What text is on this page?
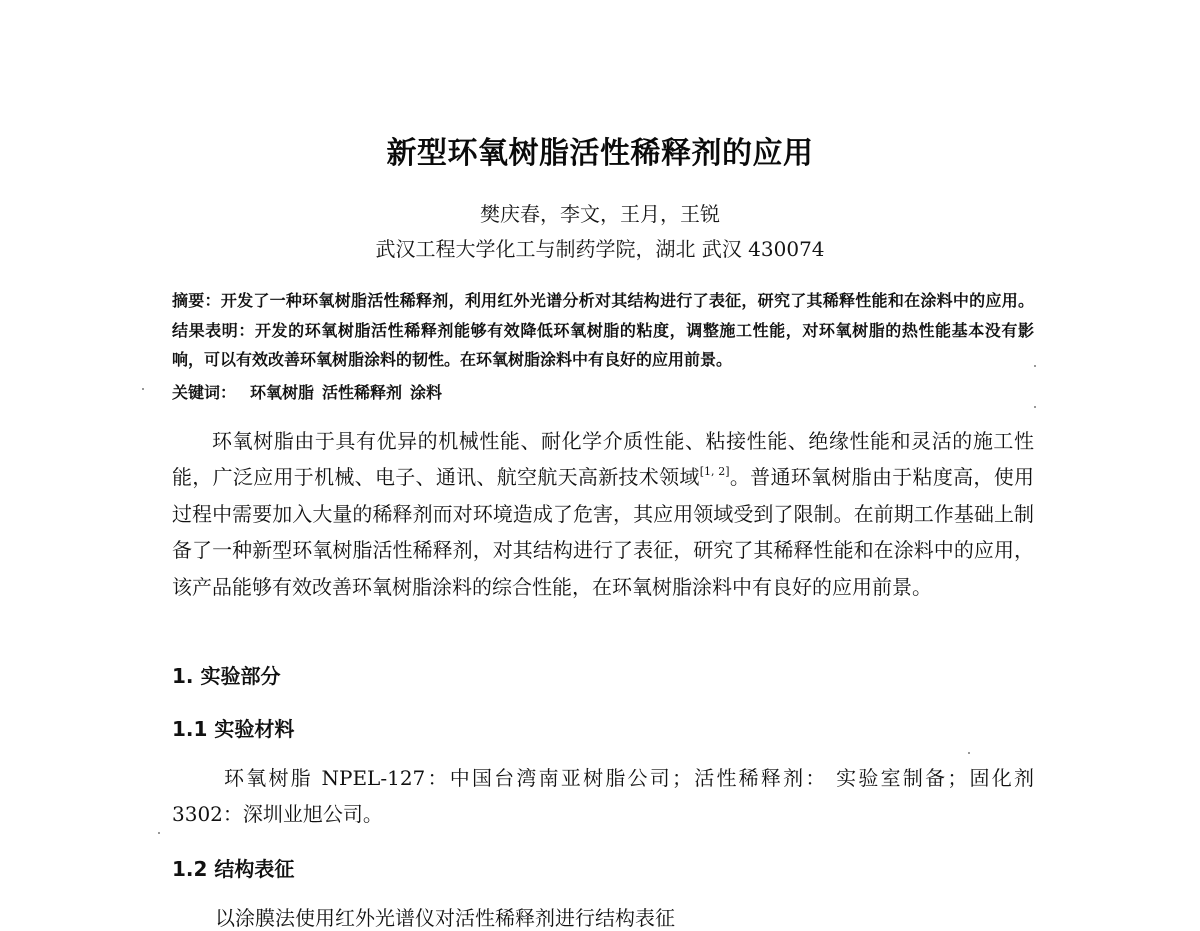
新型环氧树脂活性稀释剂的应用
樊庆春，李文，王月，王锐
武汉工程大学化工与制药学院，湖北 武汉 430074
摘要：开发了一种环氧树脂活性稀释剂，利用红外光谱分析对其结构进行了表征，研究了其稀释性能和在涂料中的应用。结果表明：开发的环氧树脂活性稀释剂能够有效降低环氧树脂的粘度，调整施工性能，对环氧树脂的热性能基本没有影响，可以有效改善环氧树脂涂料的韧性。在环氧树脂涂料中有良好的应用前景。
关键词： 环氧树脂  活性稀释剂  涂料
环氧树脂由于具有优异的机械性能、耐化学介质性能、粘接性能、绝缘性能和灵活的施工性能，广泛应用于机械、电子、通讯、航空航天高新技术领域[1, 2]。普通环氧树脂由于粘度高，使用过程中需要加入大量的稀释剂而对环境造成了危害，其应用领域受到了限制。在前期工作基础上制备了一种新型环氧树脂活性稀释剂，对其结构进行了表征，研究了其稀释性能和在涂料中的应用，该产品能够有效改善环氧树脂涂料的综合性能，在环氧树脂涂料中有良好的应用前景。
1. 实验部分
1.1 实验材料
环氧树脂 NPEL-127：中国台湾南亚树脂公司；活性稀释剂： 实验室制备；固化剂 3302：深圳业旭公司。
1.2 结构表征
以涂膜法使用红外光谱仪对活性稀释剂进行结构表征
